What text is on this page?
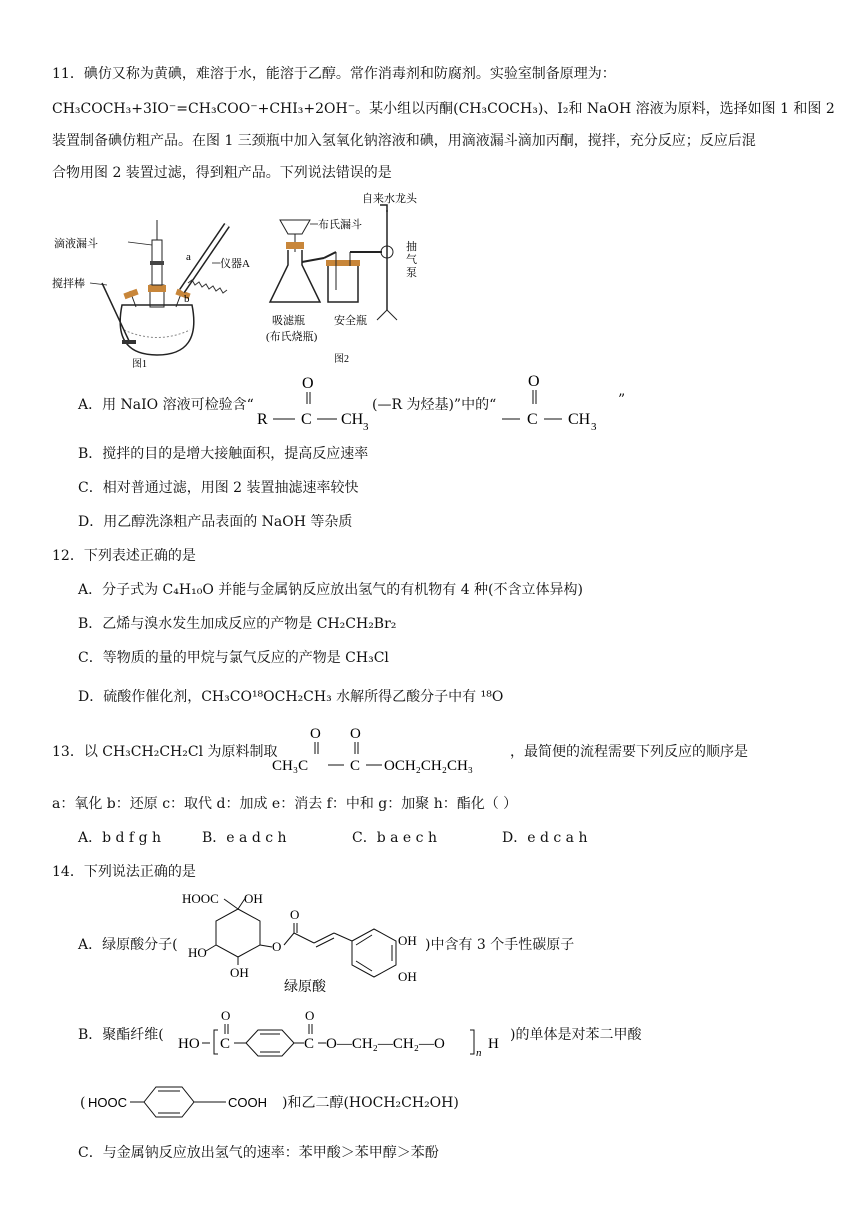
11．碘仿又称为黄碘，难溶于水，能溶于乙醇。常作消毒剂和防腐剂。实验室制备原理为：
CH₃COCH₃+3IO⁻=CH₃COO⁻+CHI₃+2OH⁻。某小组以丙酮(CH₃COCH₃)、I₂和 NaOH 溶液为原料，选择如图 1 和图 2
装置制备碘仿粗产品。在图 1 三颈瓶中加入氢氧化钠溶液和碘，用滴液漏斗滴加丙酮，搅拌，充分反应；反应后混
合物用图 2 装置过滤，得到粗产品。下列说法错误的是
滴液漏斗
搅拌棒
a
b
仪器A
图1
布氏漏斗
自来水龙头
抽 气 泵
吸滤瓶
(布氏烧瓶)
安全瓶
图2
A．用 NaIO 溶液可检验含“
O
R C CH 3
(—R 为烃基)”中的“
O
C CH 3
”
B．搅拌的目的是增大接触面积，提高反应速率
C．相对普通过滤，用图 2 装置抽滤速率较快
D．用乙醇洗涤粗产品表面的 NaOH 等杂质
12．下列表述正确的是
A．分子式为 C₄H₁₀O 并能与金属钠反应放出氢气的有机物有 4 种(不含立体异构)
B．乙烯与溴水发生加成反应的产物是 CH₂CH₂Br₂
C．等物质的量的甲烷与氯气反应的产物是 CH₃Cl
D．硫酸作催化剂，CH₃CO¹⁸OCH₂CH₃ 水解所得乙酸分子中有 ¹⁸O
13．以 CH₃CH₂CH₂Cl 为原料制取
O O
CH₃C	C OCH₂CH₂CH₃
，最简便的流程需要下列反应的顺序是
a：氧化 b：还原 c：取代 d：加成 e：消去 f：中和 g：加聚 h：酯化（ ）
A．b d f g h	B．e a d c h	C．b a e c h	D．e d c a h
14．下列说法正确的是
A．绿原酸分子(
HOOC OH
HO
OH
O
O
OH
OH
绿原酸
)中含有 3 个手性碳原子
B．聚酯纤维(
HO C
O
C
O
O—CH₂—CH₂—O
n
H
)的单体是对苯二甲酸
( HOOC	COOH )和乙二醇(HOCH₂CH₂OH)
C．与金属钠反应放出氢气的速率：苯甲酸＞苯甲醇＞苯酚
